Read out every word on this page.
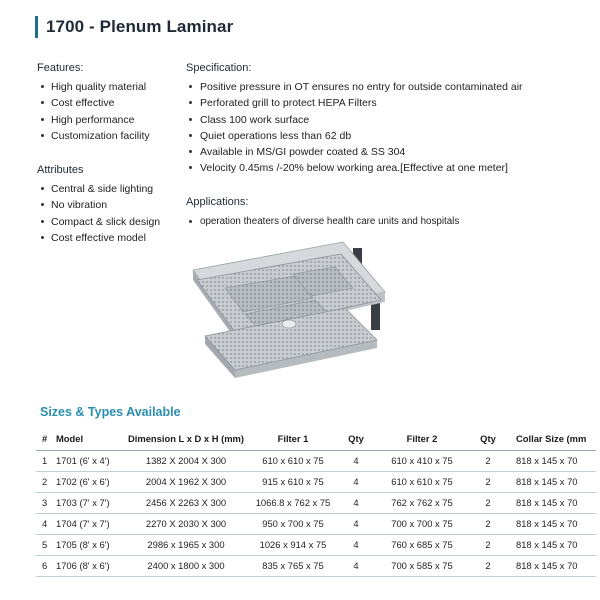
1700 - Plenum Laminar
Features:
High quality material
Cost effective
High performance
Customization facility
Attributes
Central & side lighting
No vibration
Compact & slick design
Cost effective model
Specification:
Positive pressure in OT ensures no entry for outside contaminated air
Perforated grill to protect HEPA Filters
Class 100 work surface
Quiet operations less than 62 db
Available in MS/GI powder coated & SS 304
Velocity 0.45ms /-20% below working area.[Effective at one meter]
Applications:
operation theaters of diverse health care units and hospitals
Sizes & Types Available
#	Model	Dimension L x D x H (mm)	Filter 1	Qty	Filter 2	Qty	Collar Size (mm
1	1701 (6' x 4')	1382 X 2004 X 300	610 x 610 x 75	4	610 x 410 x 75	2	818 x 145 x 70
2	1702 (6' x 6')	2004 X 1962 X 300	915 x 610 x 75	4	610 x 610 x 75	2	818 x 145 x 70
3	1703 (7' x 7')	2456 X 2263 X 300	1066.8 x 762 x 75	4	762 x 762 x 75	2	818 x 145 x 70
4	1704 (7' x 7')	2270 X 2030 X 300	950 x 700 x 75	4	700 x 700 x 75	2	818 x 145 x 70
5	1705 (8' x 6')	2986 x 1965 x 300	1026 x 914 x 75	4	760 x 685 x 75	2	818 x 145 x 70
6	1706 (8' x 6')	2400 x 1800 x 300	835 x 765 x 75	4	700 x 585 x 75	2	818 x 145 x 70
